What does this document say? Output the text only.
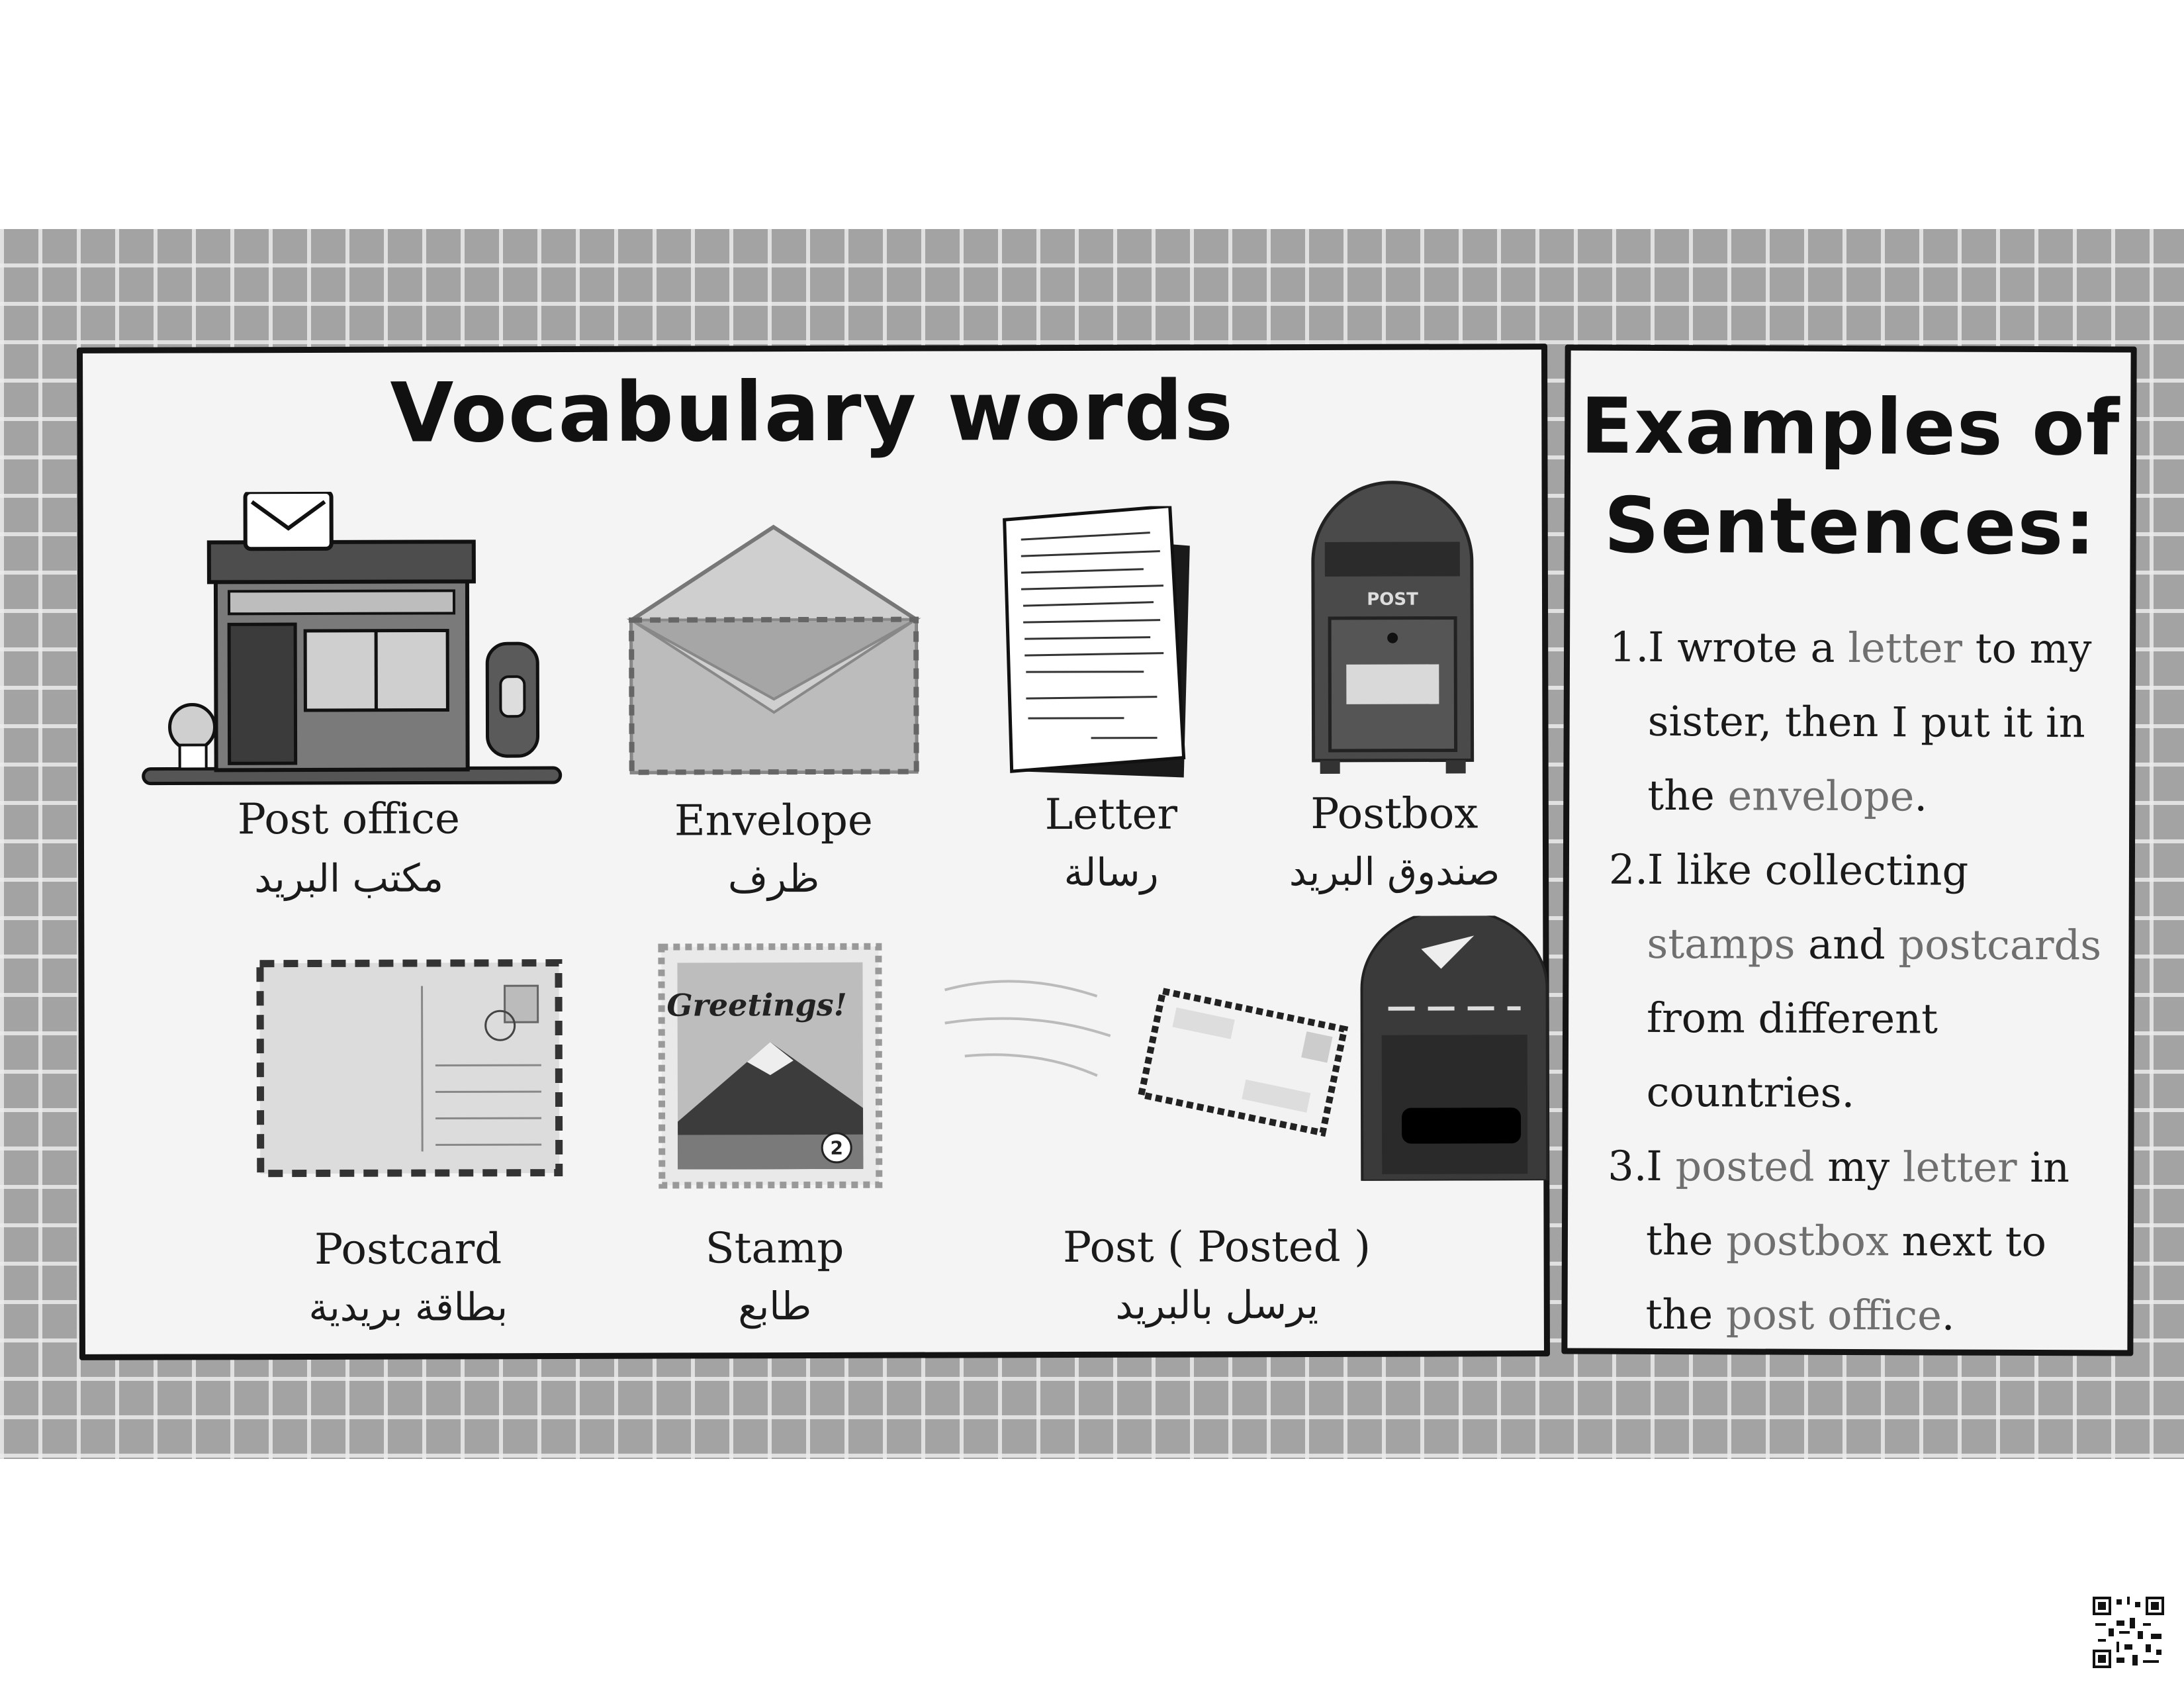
Vocabulary words
Post office
مكتب البريد
Envelope
ظرف
Letter
رسالة
POST
Postbox
صندوق البريد
Postcard
بطاقة بريدية
Greetings!
2
Stamp
طابع
Post ( Posted )
يرسل بالبريد
Examples of
Sentences:
1.
I wrote a letter to my sister, then I put it in the envelope.
2.
I like collecting stamps and postcards from different countries.
3.
I posted my letter in the postbox next to the post office.
